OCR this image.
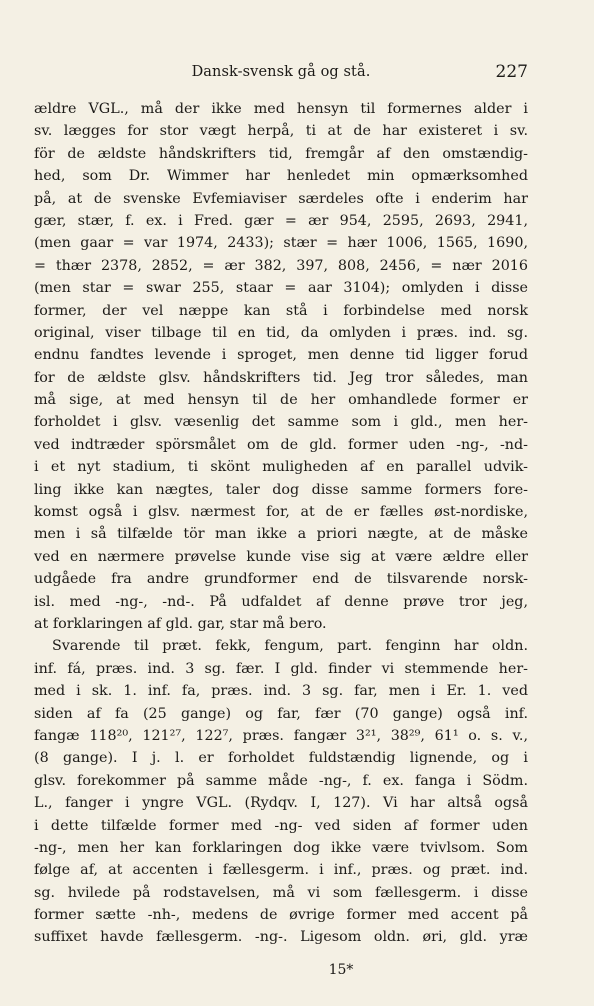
Dansk-svensk gå og stå.	227
ældre VGL., må der ikke med hensyn til formernes alder i
sv. lægges for stor vægt herpå, ti at de har existeret i sv.
för de ældste håndskrifters tid, fremgår af den omstændig-
hed, som Dr. Wimmer har henledet min opmærksomhed
på, at de svenske Evfemiaviser særdeles ofte i enderim har
gær, stær, f. ex. i Fred. gær = ær 954, 2595, 2693, 2941,
(men gaar = var 1974, 2433); stær = hær 1006, 1565, 1690,
= thær 2378, 2852, = ær 382, 397, 808, 2456, = nær 2016
(men star = swar 255, staar = aar 3104); omlyden i disse
former, der vel næppe kan stå i forbindelse med norsk
original, viser tilbage til en tid, da omlyden i præs. ind. sg.
endnu fandtes levende i sproget, men denne tid ligger forud
for de ældste glsv. håndskrifters tid. Jeg tror således, man
må sige, at med hensyn til de her omhandlede former er
forholdet i glsv. væsenlig det samme som i gld., men her-
ved indtræder spörsmålet om de gld. former uden -ng-, -nd-
i et nyt stadium, ti skönt muligheden af en parallel udvik-
ling ikke kan nægtes, taler dog disse samme formers fore-
komst også i glsv. nærmest for, at de er fælles øst-nordiske,
men i så tilfælde tör man ikke a priori nægte, at de måske
ved en nærmere prøvelse kunde vise sig at være ældre eller
udgåede fra andre grundformer end de tilsvarende norsk-
isl. med -ng-, -nd-. På udfaldet af denne prøve tror jeg,
at forklaringen af gld. gar, star må bero.
Svarende til præt. fekk, fengum, part. fenginn har oldn.
inf. fá, præs. ind. 3 sg. fær. I gld. finder vi stemmende her-
med i sk. 1. inf. fa, præs. ind. 3 sg. far, men i Er. 1. ved
siden af fa (25 gange) og far, fær (70 gange) også inf.
fangæ 118²⁰, 121²⁷, 122⁷, præs. fangær 3²¹, 38²⁹, 61¹ o. s. v.,
(8 gange). I j. l. er forholdet fuldstændig lignende, og i
glsv. forekommer på samme måde -ng-, f. ex. fanga i Södm.
L., fanger i yngre VGL. (Rydqv. I, 127). Vi har altså også
i dette tilfælde former med -ng- ved siden af former uden
-ng-, men her kan forklaringen dog ikke være tvivlsom. Som
følge af, at accenten i fællesgerm. i inf., præs. og præt. ind.
sg. hvilede på rodstavelsen, må vi som fællesgerm. i disse
former sætte -nh-, medens de øvrige former med accent på
suffixet havde fællesgerm. -ng-. Ligesom oldn. øri, gld. yræ
15*
